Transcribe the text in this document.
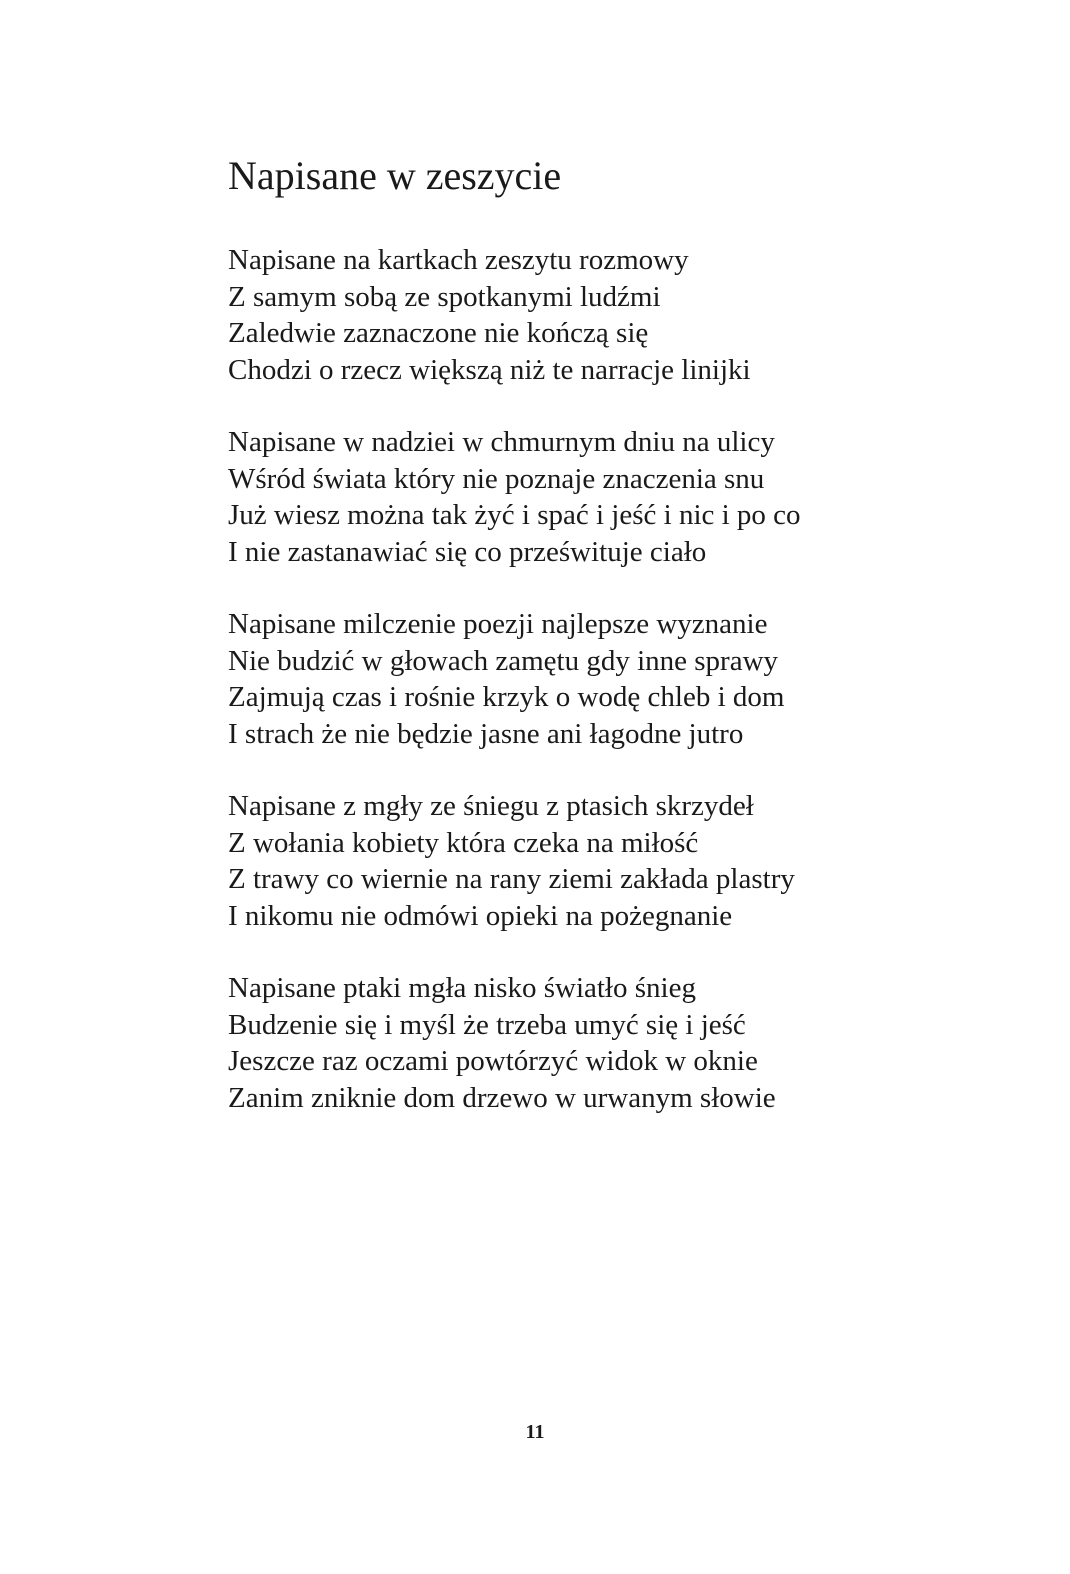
Napisane w zeszycie
Napisane na kartkach zeszytu rozmowy
Z samym sobą ze spotkanymi ludźmi
Zaledwie zaznaczone nie kończą się
Chodzi o rzecz większą niż te narracje linijki
Napisane w nadziei w chmurnym dniu na ulicy
Wśród świata który nie poznaje znaczenia snu
Już wiesz można tak żyć i spać i jeść i nic i po co
I nie zastanawiać się co prześwituje ciało
Napisane milczenie poezji najlepsze wyznanie
Nie budzić w głowach zamętu gdy inne sprawy
Zajmują czas i rośnie krzyk o wodę chleb i dom
I strach że nie będzie jasne ani łagodne jutro
Napisane z mgły ze śniegu z ptasich skrzydeł
Z wołania kobiety która czeka na miłość
Z trawy co wiernie na rany ziemi zakłada plastry
I nikomu nie odmówi opieki na pożegnanie
Napisane ptaki mgła nisko światło śnieg
Budzenie się i myśl że trzeba umyć się i jeść
Jeszcze raz oczami powtórzyć widok w oknie
Zanim zniknie dom drzewo w urwanym słowie
11
